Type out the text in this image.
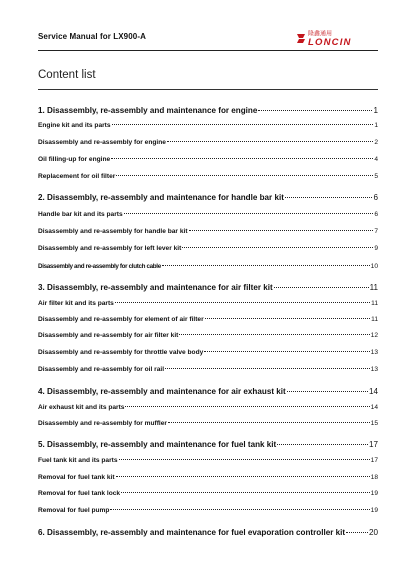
Service Manual for LX900-A	隆鑫通用
LONCIN
Content list
1. Disassembly, re-assembly and maintenance for engine	1
Engine kit and its parts	1
Disassembly and re-assembly for engine	2
Oil filling-up for engine	4
Replacement for oil filter	5
2. Disassembly, re-assembly and maintenance for handle bar kit	6
Handle bar kit and its parts	6
Disassembly and re-assembly for handle bar kit	7
Disassembly and re-assembly for left lever kit	9
Disassembly and re-assembly for clutch cable	10
3. Disassembly, re-assembly and maintenance for air filter kit	11
Air filter kit and its parts	11
Disassembly and re-assembly for element of air filter	11
Disassembly and re-assembly for air filter kit	12
Disassembly and re-assembly for throttle valve body	13
Disassembly and re-assembly for oil rail	13
4. Disassembly, re-assembly and maintenance for air exhaust kit	14
Air exhaust kit and its parts	14
Disassembly and re-assembly for muffler	15
5. Disassembly, re-assembly and maintenance for fuel tank kit	17
Fuel tank kit and its parts	17
Removal for fuel tank kit	18
Removal for fuel tank lock	19
Removal for fuel pump	19
6. Disassembly, re-assembly and maintenance for fuel evaporation controller kit	20
